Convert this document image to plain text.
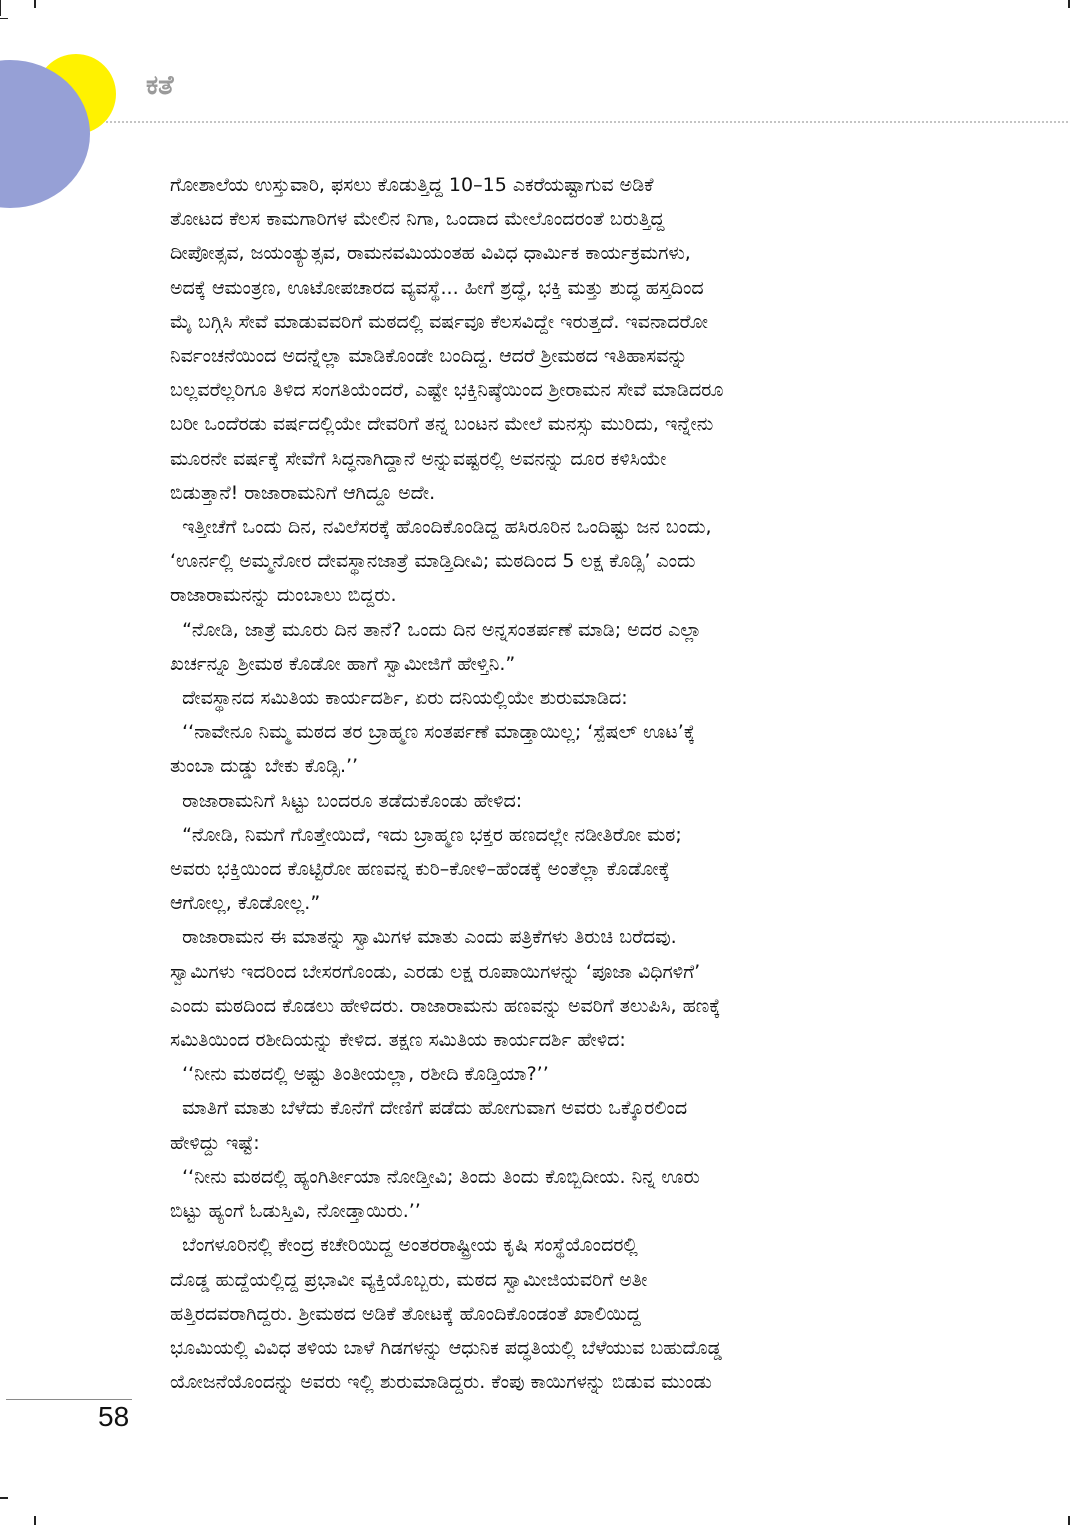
ಕತೆ

ಗೋಶಾಲೆಯ ಉಸ್ತುವಾರಿ, ಫಸಲು ಕೊಡುತ್ತಿದ್ದ 10–15 ಎಕರೆಯಷ್ಟಾಗುವ ಅಡಿಕೆ

ತೋಟದ ಕೆಲಸ ಕಾಮಗಾರಿಗಳ ಮೇಲಿನ ನಿಗಾ, ಒಂದಾದ ಮೇಲೊಂದರಂತೆ ಬರುತ್ತಿದ್ದ

ದೀಪೋತ್ಸವ, ಜಯಂತ್ಯುತ್ಸವ, ರಾಮನವಮಿಯಂತಹ ವಿವಿಧ ಧಾರ್ಮಿಕ ಕಾರ್ಯಕ್ರಮಗಳು,

ಅದಕ್ಕೆ ಆಮಂತ್ರಣ, ಊಟೋಪಚಾರದ ವ್ಯವಸ್ಥೆ... ಹೀಗೆ ಶ್ರದ್ಧೆ, ಭಕ್ತಿ ಮತ್ತು ಶುದ್ಧ ಹಸ್ತದಿಂದ

ಮೈ ಬಗ್ಗಿಸಿ ಸೇವೆ ಮಾಡುವವರಿಗೆ ಮಠದಲ್ಲಿ ವರ್ಷವೂ ಕೆಲಸವಿದ್ದೇ ಇರುತ್ತದೆ. ಇವನಾದರೋ

ನಿರ್ವಂಚನೆಯಿಂದ ಅದನ್ನೆಲ್ಲಾ ಮಾಡಿಕೊಂಡೇ ಬಂದಿದ್ದ. ಆದರೆ ಶ್ರೀಮಠದ ಇತಿಹಾಸವನ್ನು

ಬಲ್ಲವರೆಲ್ಲರಿಗೂ ತಿಳಿದ ಸಂಗತಿಯೆಂದರೆ, ಎಷ್ಟೇ ಭಕ್ತಿನಿಷ್ಠೆಯಿಂದ ಶ್ರೀರಾಮನ ಸೇವೆ ಮಾಡಿದರೂ

ಬರೀ ಒಂದೆರಡು ವರ್ಷದಲ್ಲಿಯೇ ದೇವರಿಗೆ ತನ್ನ ಬಂಟನ ಮೇಲೆ ಮನಸ್ಸು ಮುರಿದು, ಇನ್ನೇನು

ಮೂರನೇ ವರ್ಷಕ್ಕೆ ಸೇವೆಗೆ ಸಿದ್ಧನಾಗಿದ್ದಾನೆ ಅನ್ನುವಷ್ಟರಲ್ಲಿ ಅವನನ್ನು ದೂರ ಕಳಿಸಿಯೇ

ಬಿಡುತ್ತಾನೆ! ರಾಜಾರಾಮನಿಗೆ ಆಗಿದ್ದೂ ಅದೇ.

ಇತ್ತೀಚೆಗೆ ಒಂದು ದಿನ, ನವಿಲೆಸರಕ್ಕೆ ಹೊಂದಿಕೊಂಡಿದ್ದ ಹಸಿರೂರಿನ ಒಂದಿಷ್ಟು ಜನ ಬಂದು,

‘ಊರ್ನಲ್ಲಿ ಅಮ್ಮನೋರ ದೇವಸ್ಥಾನಜಾತ್ರೆ ಮಾಡ್ತಿದೀವಿ; ಮಠದಿಂದ 5 ಲಕ್ಷ ಕೊಡ್ಸಿ’ ಎಂದು

ರಾಜಾರಾಮನನ್ನು ದುಂಬಾಲು ಬಿದ್ದರು.

“ನೋಡಿ, ಜಾತ್ರೆ ಮೂರು ದಿನ ತಾನೆ? ಒಂದು ದಿನ ಅನ್ನಸಂತರ್ಪಣೆ ಮಾಡಿ; ಅದರ ಎಲ್ಲಾ

ಖರ್ಚನ್ನೂ ಶ್ರೀಮಠ ಕೊಡೋ ಹಾಗೆ ಸ್ವಾಮೀಜಿಗೆ ಹೇಳ್ತಿನಿ.”

ದೇವಸ್ಥಾನದ ಸಮಿತಿಯ ಕಾರ್ಯದರ್ಶಿ, ಏರು ದನಿಯಲ್ಲಿಯೇ ಶುರುಮಾಡಿದ:

‘‘ನಾವೇನೂ ನಿಮ್ಮ ಮಠದ ತರ ಬ್ರಾಹ್ಮಣ ಸಂತರ್ಪಣೆ ಮಾಡ್ತಾಯಿಲ್ಲ; ‘ಸ್ಪೆಷಲ್ ಊಟ’ಕ್ಕೆ

ತುಂಬಾ ದುಡ್ಡು ಬೇಕು ಕೊಡ್ಸಿ.’’

ರಾಜಾರಾಮನಿಗೆ ಸಿಟ್ಟು ಬಂದರೂ ತಡೆದುಕೊಂಡು ಹೇಳಿದ:

“ನೋಡಿ, ನಿಮಗೆ ಗೊತ್ತೇಯಿದೆ, ಇದು ಬ್ರಾಹ್ಮಣ ಭಕ್ತರ ಹಣದಲ್ಲೇ ನಡೀತಿರೋ ಮಠ;

ಅವರು ಭಕ್ತಿಯಿಂದ ಕೊಟ್ಟಿರೋ ಹಣವನ್ನ ಕುರಿ–ಕೋಳಿ–ಹೆಂಡಕ್ಕೆ ಅಂತೆಲ್ಲಾ ಕೊಡೋಕ್ಕೆ

ಆಗೋಲ್ಲ, ಕೊಡೋಲ್ಲ.”

ರಾಜಾರಾಮನ ಈ ಮಾತನ್ನು ಸ್ವಾಮಿಗಳ ಮಾತು ಎಂದು ಪತ್ರಿಕೆಗಳು ತಿರುಚಿ ಬರೆದವು.

ಸ್ವಾಮಿಗಳು ಇದರಿಂದ ಬೇಸರಗೊಂಡು, ಎರಡು ಲಕ್ಷ ರೂಪಾಯಿಗಳನ್ನು ‘ಪೂಜಾ ವಿಧಿಗಳಿಗೆ’

ಎಂದು ಮಠದಿಂದ ಕೊಡಲು ಹೇಳಿದರು. ರಾಜಾರಾಮನು ಹಣವನ್ನು ಅವರಿಗೆ ತಲುಪಿಸಿ, ಹಣಕ್ಕೆ

ಸಮಿತಿಯಿಂದ ರಶೀದಿಯನ್ನು ಕೇಳಿದ. ತಕ್ಷಣ ಸಮಿತಿಯ ಕಾರ್ಯದರ್ಶಿ ಹೇಳಿದ:

‘‘ನೀನು ಮಠದಲ್ಲಿ ಅಷ್ಟು ತಿಂತೀಯಲ್ಲಾ, ರಶೀದಿ ಕೊಡ್ತಿಯಾ?’’

ಮಾತಿಗೆ ಮಾತು ಬೆಳೆದು ಕೊನೆಗೆ ದೇಣಿಗೆ ಪಡೆದು ಹೋಗುವಾಗ ಅವರು ಒಕ್ಕೊರಲಿಂದ

ಹೇಳಿದ್ದು ಇಷ್ಟೆ:

‘‘ನೀನು ಮಠದಲ್ಲಿ ಹ್ಯಂಗಿರ್ತೀಯಾ ನೋಡ್ತೀವಿ; ತಿಂದು ತಿಂದು ಕೊಬ್ಬಿದೀಯ. ನಿನ್ನ ಊರು

ಬಿಟ್ಟು ಹ್ಯಂಗೆ ಓಡುಸ್ತಿವಿ, ನೋಡ್ತಾಯಿರು.’’

ಬೆಂಗಳೂರಿನಲ್ಲಿ ಕೇಂದ್ರ ಕಚೇರಿಯಿದ್ದ ಅಂತರರಾಷ್ಟ್ರೀಯ ಕೃಷಿ ಸಂಸ್ಥೆಯೊಂದರಲ್ಲಿ

ದೊಡ್ಡ ಹುದ್ದೆಯಲ್ಲಿದ್ದ ಪ್ರಭಾವೀ ವ್ಯಕ್ತಿಯೊಬ್ಬರು, ಮಠದ ಸ್ವಾಮೀಜಿಯವರಿಗೆ ಅತೀ

ಹತ್ತಿರದವರಾಗಿದ್ದರು. ಶ್ರೀಮಠದ ಅಡಿಕೆ ತೋಟಕ್ಕೆ ಹೊಂದಿಕೊಂಡಂತೆ ಖಾಲಿಯಿದ್ದ

ಭೂಮಿಯಲ್ಲಿ ವಿವಿಧ ತಳಿಯ ಬಾಳೆ ಗಿಡಗಳನ್ನು ಆಧುನಿಕ ಪದ್ಧತಿಯಲ್ಲಿ ಬೆಳೆಯುವ ಬಹುದೊಡ್ಡ

ಯೋಜನೆಯೊಂದನ್ನು ಅವರು ಇಲ್ಲಿ ಶುರುಮಾಡಿದ್ದರು. ಕೆಂಪು ಕಾಯಿಗಳನ್ನು ಬಿಡುವ ಮುಂಡು

58
